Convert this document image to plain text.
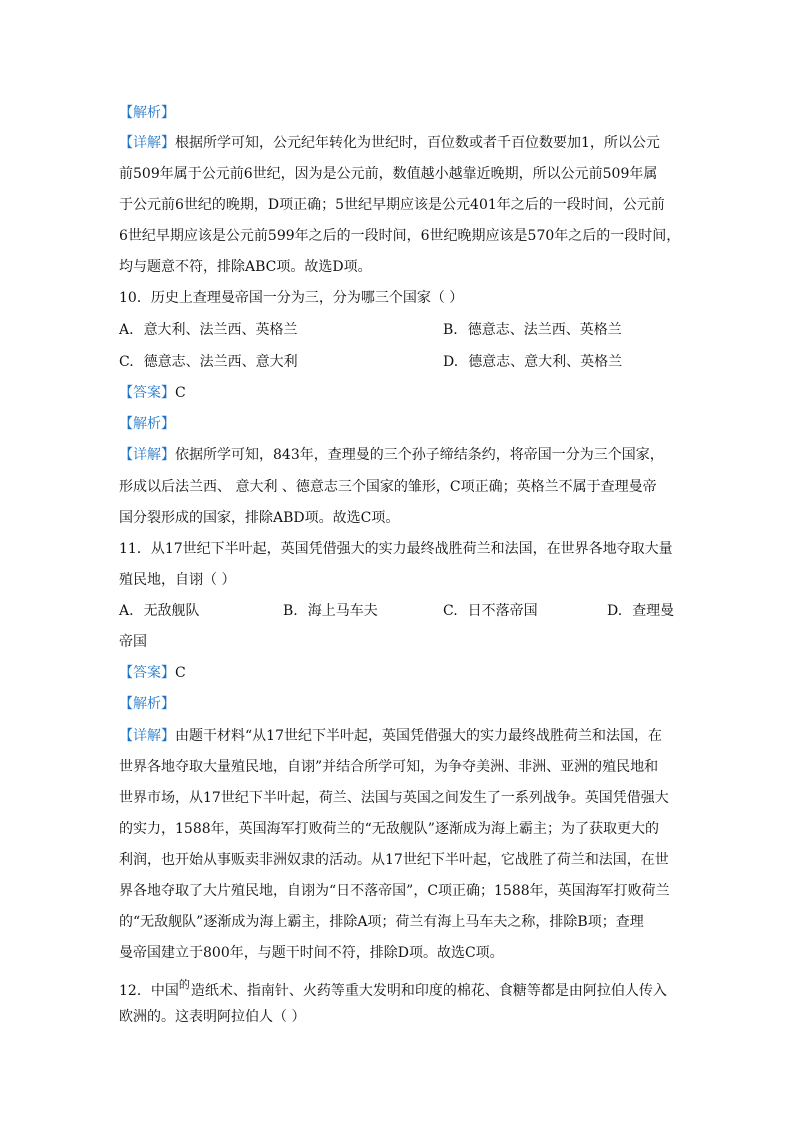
【解析】
【详解】根据所学可知，公元纪年转化为世纪时，百位数或者千百位数要加1，所以公元
前509年属于公元前6世纪，因为是公元前，数值越小越靠近晚期，所以公元前509年属
于公元前6世纪的晚期，D项正确；5世纪早期应该是公元401年之后的一段时间，公元前
6世纪早期应该是公元前599年之后的一段时间，6世纪晚期应该是570年之后的一段时间，
均与题意不符，排除ABC项。故选D项。
10．历史上查理曼帝国一分为三，分为哪三个国家（ ）
A. 意大利、法兰西、英格兰	B. 德意志、法兰西、英格兰
C. 德意志、法兰西、意大利	D. 德意志、意大利、英格兰
【答案】C
【解析】
【详解】依据所学可知，843年，查理曼的三个孙子缔结条约，将帝国一分为三个国家，
形成以后法兰西、 意大利 、德意志三个国家的雏形，C项正确；英格兰不属于查理曼帝
国分裂形成的国家，排除ABD项。故选C项。
11．从17世纪下半叶起，英国凭借强大的实力最终战胜荷兰和法国，在世界各地夺取大量
殖民地，自诩（ ）
A. 无敌舰队	B. 海上马车夫	C. 日不落帝国	D. 查理曼
帝国
【答案】C
【解析】
【详解】由题干材料“从17世纪下半叶起，英国凭借强大的实力最终战胜荷兰和法国，在
世界各地夺取大量殖民地，自诩”并结合所学可知，为争夺美洲、非洲、亚洲的殖民地和
世界市场，从17世纪下半叶起，荷兰、法国与英国之间发生了一系列战争。英国凭借强大
的实力，1588年，英国海军打败荷兰的“无敌舰队”逐渐成为海上霸主；为了获取更大的
利润，也开始从事贩卖非洲奴隶的活动。从17世纪下半叶起，它战胜了荷兰和法国，在世
界各地夺取了大片殖民地，自诩为“日不落帝国”，C项正确；1588年，英国海军打败荷兰
的“无敌舰队”逐渐成为海上霸主，排除A项；荷兰有海上马车夫之称，排除B项；查理
曼帝国建立于800年，与题干时间不符，排除D项。故选C项。
12．中国$^的$造纸术、指南针、火药等重大发明和印度的棉花、食糖等都是由阿拉伯人传入
欧洲的。这表明阿拉伯人（ ）
